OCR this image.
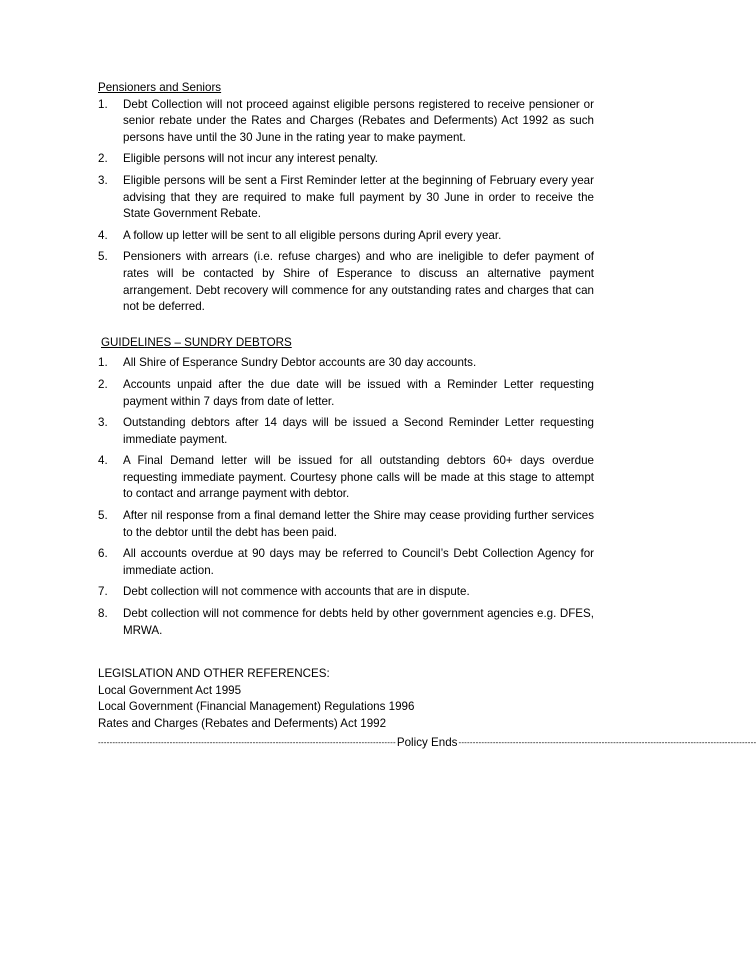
Pensioners and Seniors

1.	Debt Collection will not proceed against eligible persons registered to receive pensioner or senior rebate under the Rates and Charges (Rebates and Deferments) Act 1992 as such persons have until the 30 June in the rating year to make payment.
2.	Eligible persons will not incur any interest penalty.
3.	Eligible persons will be sent a First Reminder letter at the beginning of February every year advising that they are required to make full payment by 30 June in order to receive the State Government Rebate.
4.	A follow up letter will be sent to all eligible persons during April every year.
5.	Pensioners with arrears (i.e. refuse charges) and who are ineligible to defer payment of rates will be contacted by Shire of Esperance to discuss an alternative payment arrangement. Debt recovery will commence for any outstanding rates and charges that can not be deferred.

GUIDELINES – SUNDRY DEBTORS

1.	All Shire of Esperance Sundry Debtor accounts are 30 day accounts.
2.	Accounts unpaid after the due date will be issued with a Reminder Letter requesting payment within 7 days from date of letter.
3.	Outstanding debtors after 14 days will be issued a Second Reminder Letter requesting immediate payment.
4.	A Final Demand letter will be issued for all outstanding debtors 60+ days overdue requesting immediate payment. Courtesy phone calls will be made at this stage to attempt to contact and arrange payment with debtor.
5.	After nil response from a final demand letter the Shire may cease providing further services to the debtor until the debt has been paid.
6.	All accounts overdue at 90 days may be referred to Council’s Debt Collection Agency for immediate action.
7.	Debt collection will not commence with accounts that are in dispute.
8.	Debt collection will not commence for debts held by other government agencies e.g. DFES, MRWA.

LEGISLATION AND OTHER REFERENCES:

Local Government Act 1995

Local Government (Financial Management) Regulations 1996

Rates and Charges (Rebates and Deferments) Act 1992

-------------------------------------------------------------------------------------------------------- Policy Ends --------------------------------------------------------------------------------------------------------
